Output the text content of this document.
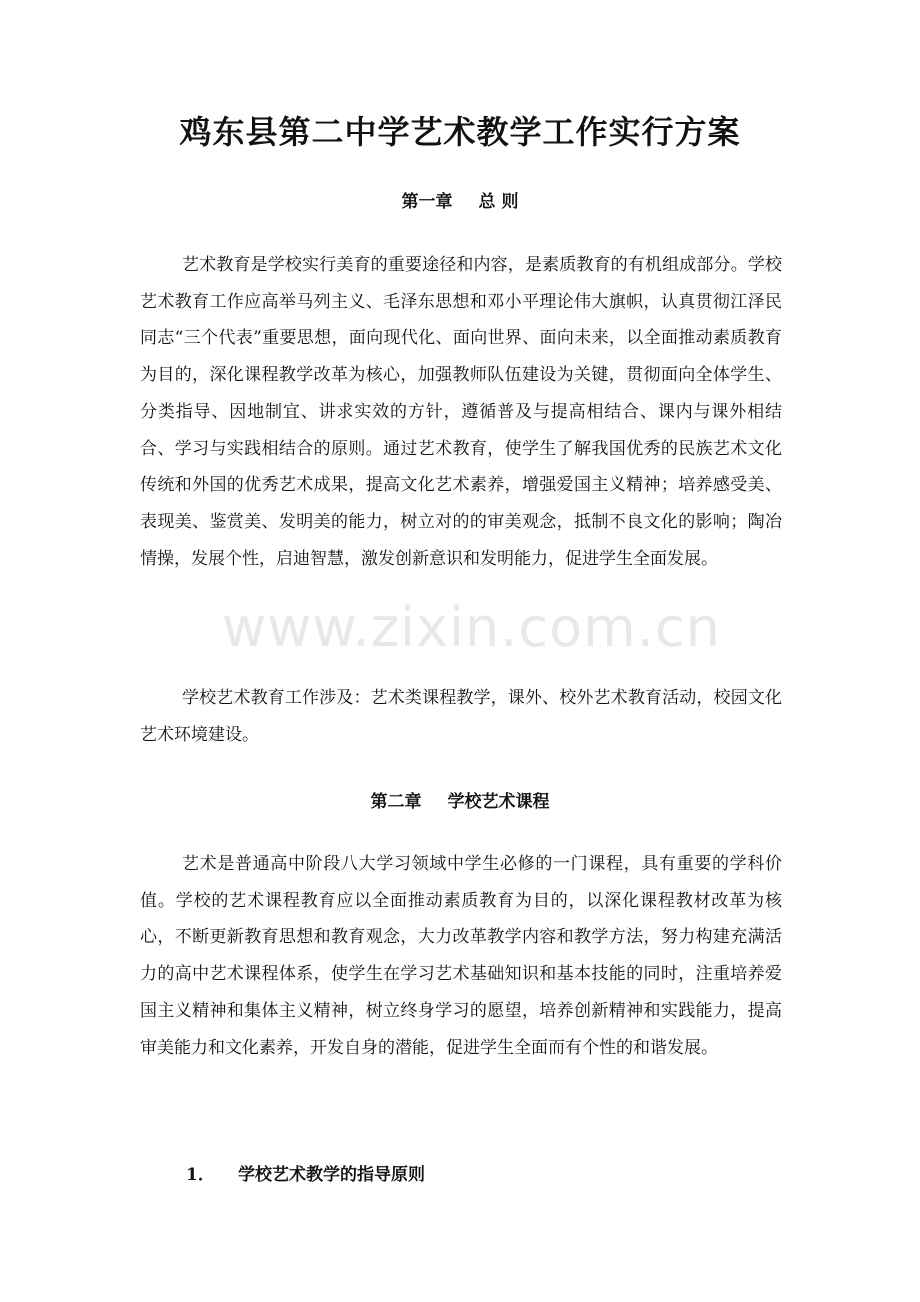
鸡东县第二中学艺术教学工作实行方案
第一章 总 则

艺术教育是学校实行美育的重要途径和内容，是素质教育的有机组成部分。学校艺术教育工作应高举马列主义、毛泽东思想和邓小平理论伟大旗帜，认真贯彻江泽民同志“三个代表”重要思想，面向现代化、面向世界、面向未来，以全面推动素质教育为目的，深化课程教学改革为核心，加强教师队伍建设为关键，贯彻面向全体学生、分类指导、因地制宜、讲求实效的方针，遵循普及与提高相结合、课内与课外相结合、学习与实践相结合的原则。通过艺术教育，使学生了解我国优秀的民族艺术文化传统和外国的优秀艺术成果，提高文化艺术素养，增强爱国主义精神；培养感受美、表现美、鉴赏美、发明美的能力，树立对的的审美观念，抵制不良文化的影响；陶冶情操，发展个性，启迪智慧，激发创新意识和发明能力，促进学生全面发展。

学校艺术教育工作涉及：艺术类课程教学，课外、校外艺术教育活动，校园文化艺术环境建设。

第二章 学校艺术课程

艺术是普通高中阶段八大学习领域中学生必修的一门课程，具有重要的学科价值。学校的艺术课程教育应以全面推动素质教育为目的，以深化课程教材改革为核心，不断更新教育思想和教育观念，大力改革教学内容和教学方法，努力构建充满活力的高中艺术课程体系，使学生在学习艺术基础知识和基本技能的同时，注重培养爱国主义精神和集体主义精神，树立终身学习的愿望，培养创新精神和实践能力，提高审美能力和文化素养，开发自身的潜能，促进学生全面而有个性的和谐发展。

1． 学校艺术教学的指导原则
www.zixin.com.cn
